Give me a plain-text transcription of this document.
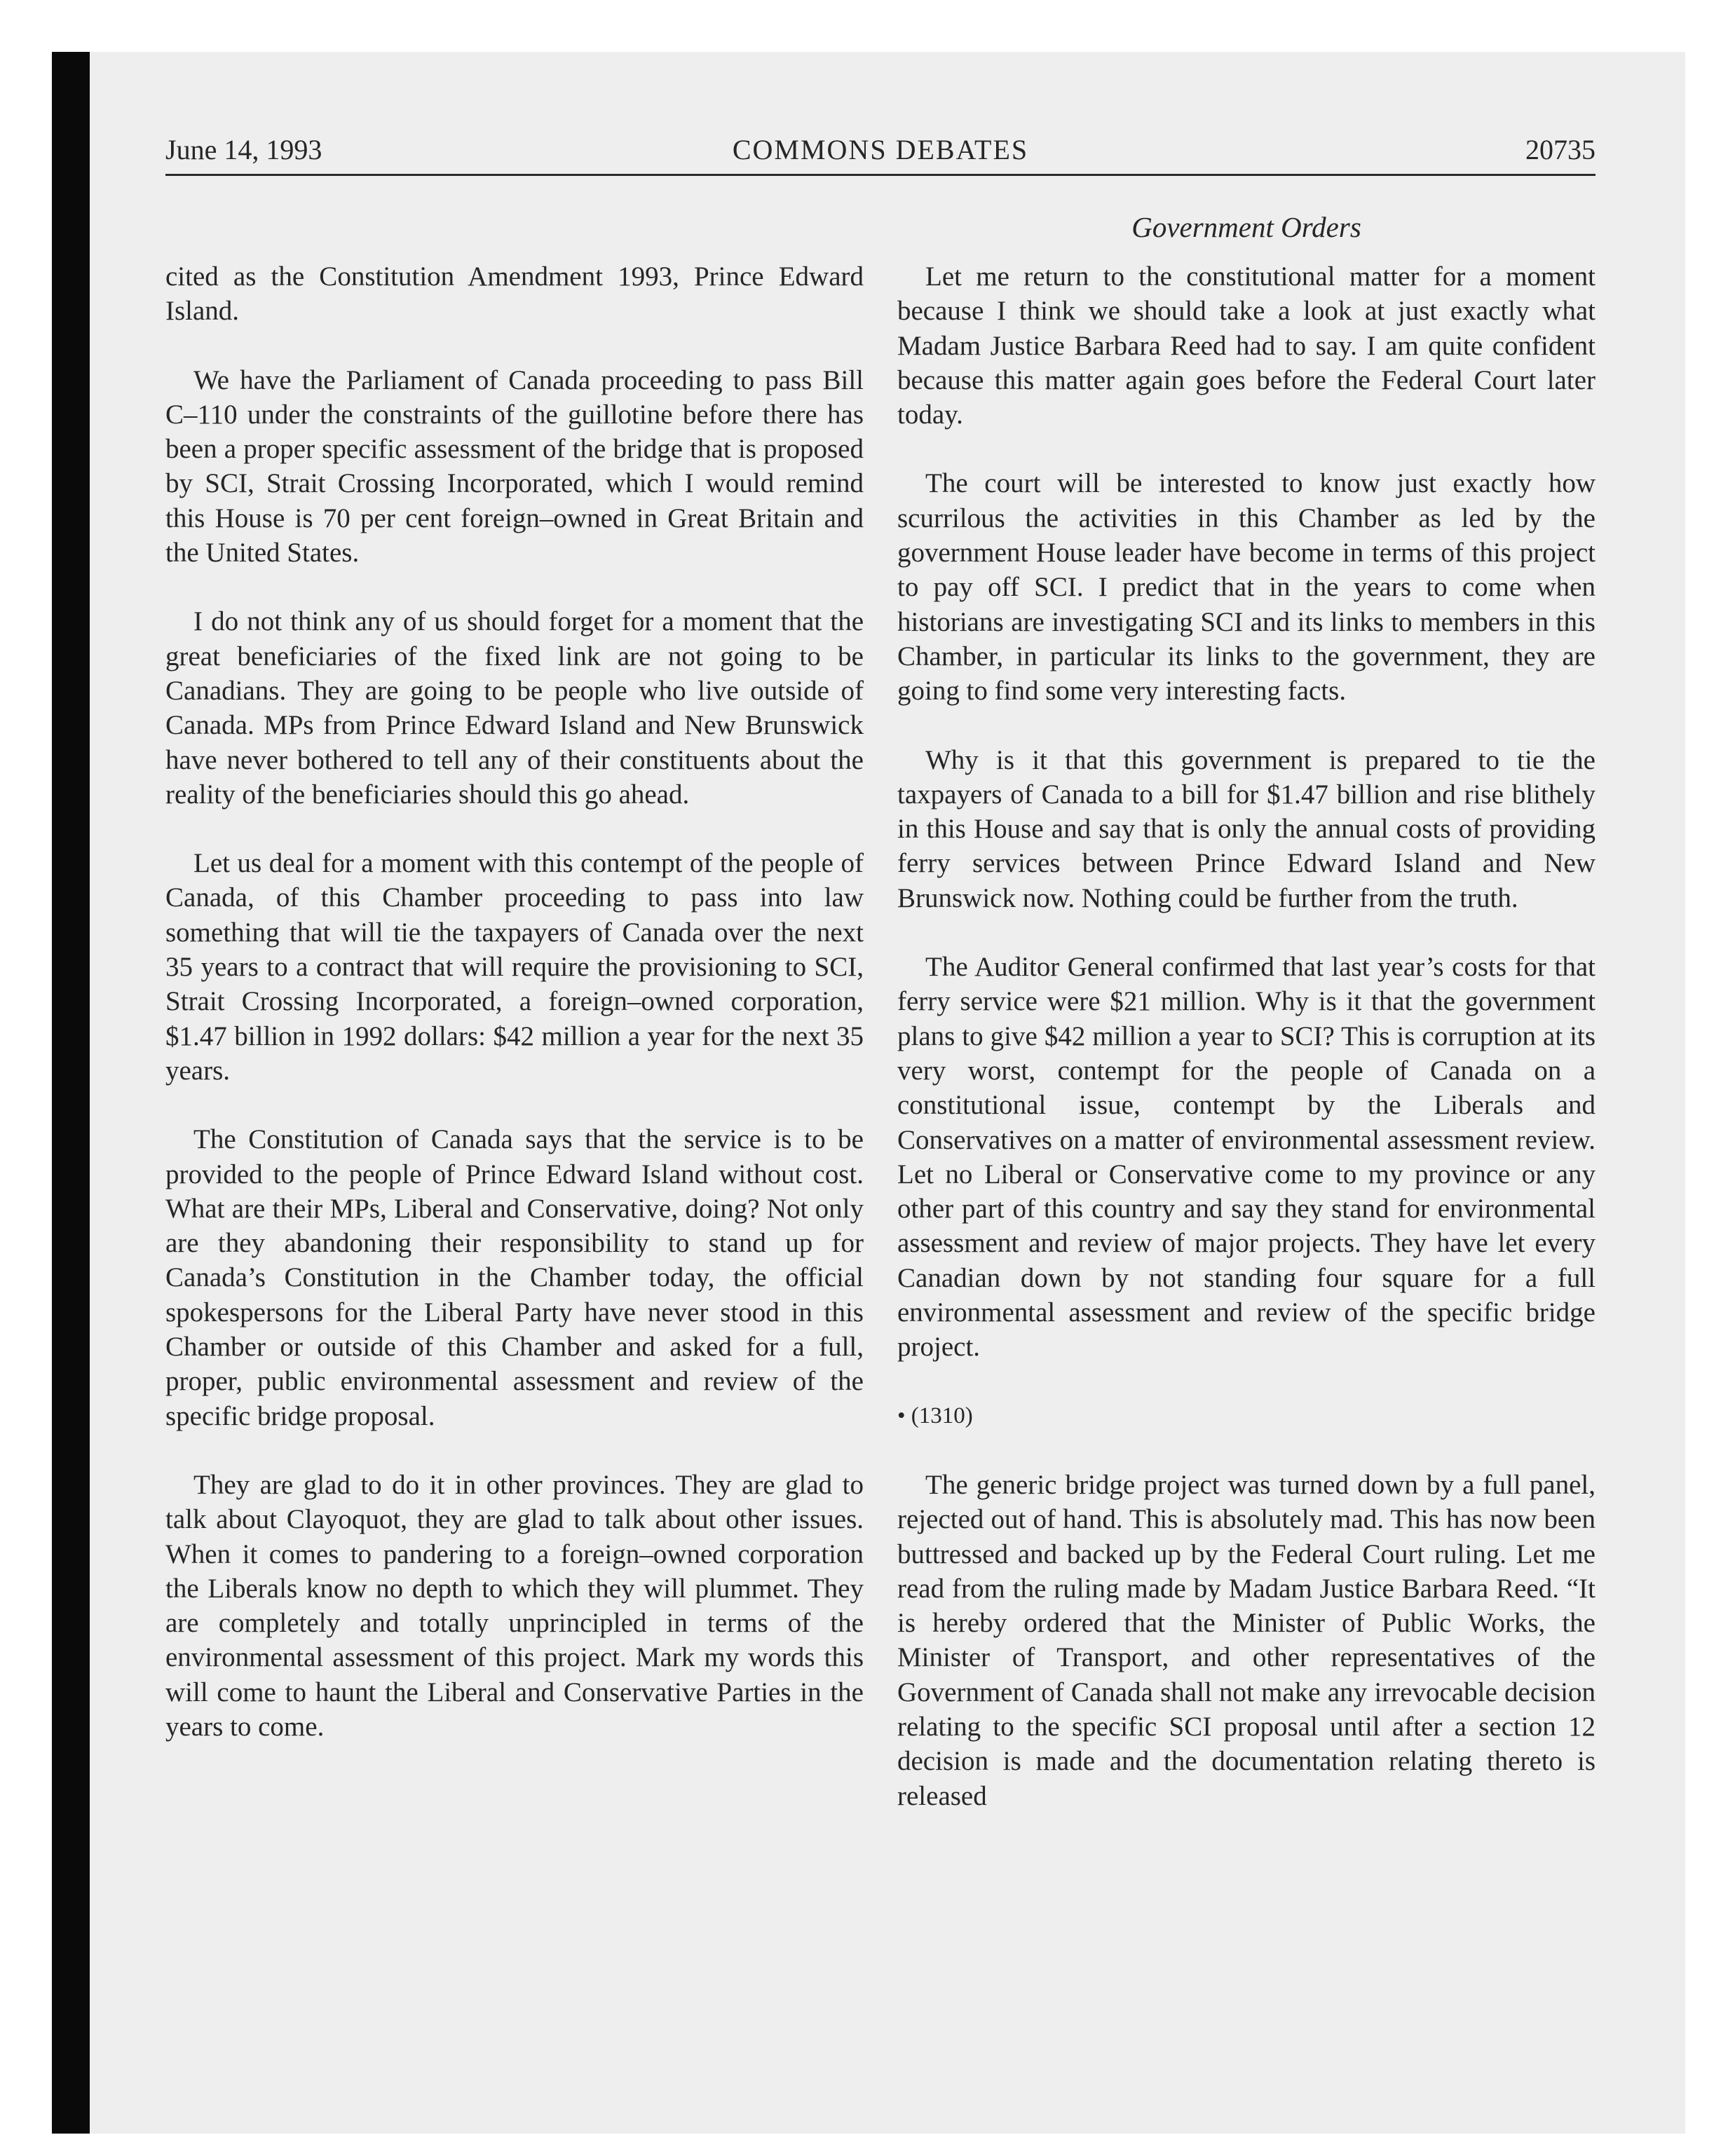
June 14, 1993	COMMONS DEBATES	20735
Government Orders

cited as the Constitution Amendment 1993, Prince Edward Island.

We have the Parliament of Canada proceeding to pass Bill C–110 under the constraints of the guillotine before there has been a proper specific assessment of the bridge that is proposed by SCI, Strait Crossing Incorporated, which I would remind this House is 70 per cent foreign–owned in Great Britain and the United States.

I do not think any of us should forget for a moment that the great beneficiaries of the fixed link are not going to be Canadians. They are going to be people who live outside of Canada. MPs from Prince Edward Island and New Brunswick have never bothered to tell any of their constituents about the reality of the beneficiaries should this go ahead.

Let us deal for a moment with this contempt of the people of Canada, of this Chamber proceeding to pass into law something that will tie the taxpayers of Canada over the next 35 years to a contract that will require the provisioning to SCI, Strait Crossing Incorporated, a foreign–owned corporation, $1.47 billion in 1992 dollars: $42 million a year for the next 35 years.

The Constitution of Canada says that the service is to be provided to the people of Prince Edward Island without cost. What are their MPs, Liberal and Conservative, doing? Not only are they abandoning their responsibility to stand up for Canada’s Constitution in the Chamber today, the official spokespersons for the Liberal Party have never stood in this Chamber or outside of this Chamber and asked for a full, proper, public environmental assessment and review of the specific bridge proposal.

They are glad to do it in other provinces. They are glad to talk about Clayoquot, they are glad to talk about other issues. When it comes to pandering to a foreign–owned corporation the Liberals know no depth to which they will plummet. They are completely and totally unprincipled in terms of the environmental assessment of this project. Mark my words this will come to haunt the Liberal and Conservative Parties in the years to come.

Let me return to the constitutional matter for a moment because I think we should take a look at just exactly what Madam Justice Barbara Reed had to say. I am quite confident because this matter again goes before the Federal Court later today.

The court will be interested to know just exactly how scurrilous the activities in this Chamber as led by the government House leader have become in terms of this project to pay off SCI. I predict that in the years to come when historians are investigating SCI and its links to members in this Chamber, in particular its links to the government, they are going to find some very interesting facts.

Why is it that this government is prepared to tie the taxpayers of Canada to a bill for $1.47 billion and rise blithely in this House and say that is only the annual costs of providing ferry services between Prince Edward Island and New Brunswick now. Nothing could be further from the truth.

The Auditor General confirmed that last year’s costs for that ferry service were $21 million. Why is it that the government plans to give $42 million a year to SCI? This is corruption at its very worst, contempt for the people of Canada on a constitutional issue, contempt by the Liberals and Conservatives on a matter of environmental assessment review. Let no Liberal or Conservative come to my province or any other part of this country and say they stand for environmental assessment and review of major projects. They have let every Canadian down by not standing four square for a full environmental assessment and review of the specific bridge project.

• (1310)

The generic bridge project was turned down by a full panel, rejected out of hand. This is absolutely mad. This has now been buttressed and backed up by the Federal Court ruling. Let me read from the ruling made by Madam Justice Barbara Reed. “It is hereby ordered that the Minister of Public Works, the Minister of Transport, and other representatives of the Government of Canada shall not make any irrevocable decision relating to the specific SCI proposal until after a section 12 decision is made and the documentation relating thereto is released
